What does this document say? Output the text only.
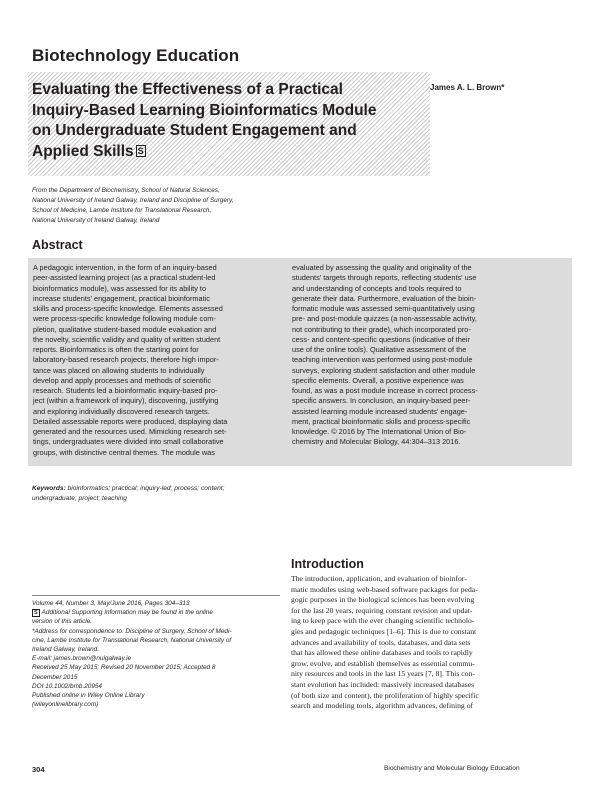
Biotechnology Education
Evaluating the Effectiveness of a Practical
Inquiry-Based Learning Bioinformatics Module
on Undergraduate Student Engagement and
Applied Skills S
James A. L. Brown*
From the Department of Biochemistry, School of Natural Sciences,
National University of Ireland Galway, Ireland and Discipline of Surgery,
School of Medicine, Lambe Institute for Translational Research,
National University of Ireland Galway, Ireland
Abstract
A pedagogic intervention, in the form of an inquiry-based
peer-assisted learning project (as a practical student-led
bioinformatics module), was assessed for its ability to
increase students' engagement, practical bioinformatic
skills and process-specific knowledge. Elements assessed
were process-specific knowledge following module com-
pletion, qualitative student-based module evaluation and
the novelty, scientific validity and quality of written student
reports. Bioinformatics is often the starting point for
laboratory-based research projects, therefore high impor-
tance was placed on allowing students to individually
develop and apply processes and methods of scientific
research. Students led a bioinformatic inquiry-based pro-
ject (within a framework of inquiry), discovering, justifying
and exploring individually discovered research targets.
Detailed assessable reports were produced, displaying data
generated and the resources used. Mimicking research set-
tings, undergraduates were divided into small collaborative
groups, with distinctive central themes. The module was
evaluated by assessing the quality and originality of the
students' targets through reports, reflecting students' use
and understanding of concepts and tools required to
generate their data. Furthermore, evaluation of the bioin-
formatic module was assessed semi-quantitatively using
pre- and post-module quizzes (a non-assessable activity,
not contributing to their grade), which incorporated pro-
cess- and content-specific questions (indicative of their
use of the online tools). Qualitative assessment of the
teaching intervention was performed using post-module
surveys, exploring student satisfaction and other module
specific elements. Overall, a positive experience was
found, as was a post module increase in correct process-
specific answers. In conclusion, an inquiry-based peer-
assisted learning module increased students' engage-
ment, practical bioinformatic skills and process-specific
knowledge. © 2016 by The International Union of Bio-
chemistry and Molecular Biology, 44:304–313 2016.
Keywords: bioinformatics; practical; inquiry-led; process; content;
undergraduate; project; teaching
Volume 44, Number 3, May/June 2016, Pages 304–313
S Additional Supporting Information may be found in the online
version of this article.
*Address for correspondence to: Discipline of Surgery, School of Medi-
cine, Lambe Institute for Translational Research, National University of
Ireland Galway, Ireland.
E-mail: james.brown@nuigalway.ie
Received 25 May 2015; Revised 20 November 2015; Accepted 8
December 2015
DOI 10.1002/bmb.20954
Published online in Wiley Online Library
(wileyonlinelibrary.com)
Introduction
The introduction, application, and evaluation of bioinfor-
matic modules using web-based software packages for peda-
gogic purposes in the biological sciences has been evolving
for the last 20 years, requiring constant revision and updat-
ing to keep pace with the ever changing scientific technolo-
gies and pedagogic techniques [1–6]. This is due to constant
advances and availability of tools, databases, and data sets
that has allowed these online databases and tools to rapidly
grow, evolve, and establish themselves as essential commu-
nity resources and tools in the last 15 years [7, 8]. This con-
stant evolution has included: massively increased databases
(of both size and content), the proliferation of highly specific
search and modeling tools, algorithm advances, defining of
304	Biochemistry and Molecular Biology Education
